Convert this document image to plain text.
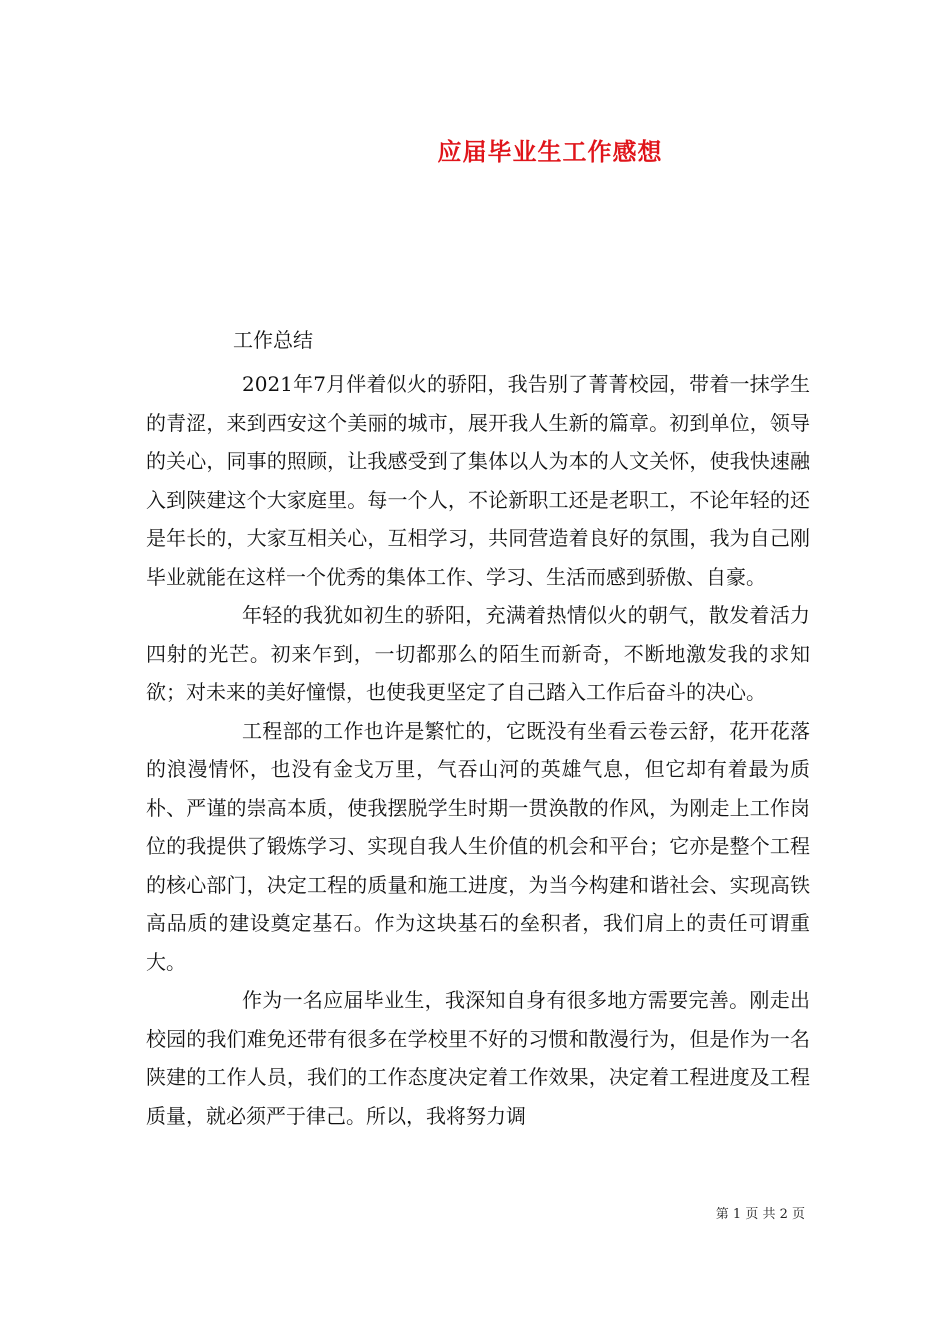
应届毕业生工作感想
工作总结

2021年7月伴着似火的骄阳，我告别了菁菁校园，带着一抹学生的青涩，来到西安这个美丽的城市，展开我人生新的篇章。初到单位，领导的关心，同事的照顾，让我感受到了集体以人为本的人文关怀，使我快速融入到陕建这个大家庭里。每一个人，不论新职工还是老职工，不论年轻的还是年长的，大家互相关心，互相学习，共同营造着良好的氛围，我为自己刚毕业就能在这样一个优秀的集体工作、学习、生活而感到骄傲、自豪。

年轻的我犹如初生的骄阳，充满着热情似火的朝气，散发着活力四射的光芒。初来乍到，一切都那么的陌生而新奇，不断地激发我的求知欲；对未来的美好憧憬，也使我更坚定了自己踏入工作后奋斗的决心。

工程部的工作也许是繁忙的，它既没有坐看云卷云舒，花开花落的浪漫情怀，也没有金戈万里，气吞山河的英雄气息，但它却有着最为质朴、严谨的崇高本质，使我摆脱学生时期一贯涣散的作风，为刚走上工作岗位的我提供了锻炼学习、实现自我人生价值的机会和平台；它亦是整个工程的核心部门，决定工程的质量和施工进度，为当今构建和谐社会、实现高铁高品质的建设奠定基石。作为这块基石的垒积者，我们肩上的责任可谓重大。

作为一名应届毕业生，我深知自身有很多地方需要完善。刚走出校园的我们难免还带有很多在学校里不好的习惯和散漫行为，但是作为一名陕建的工作人员，我们的工作态度决定着工作效果，决定着工程进度及工程质量，就必须严于律己。所以，我将努力调

第 1 页 共 2 页
